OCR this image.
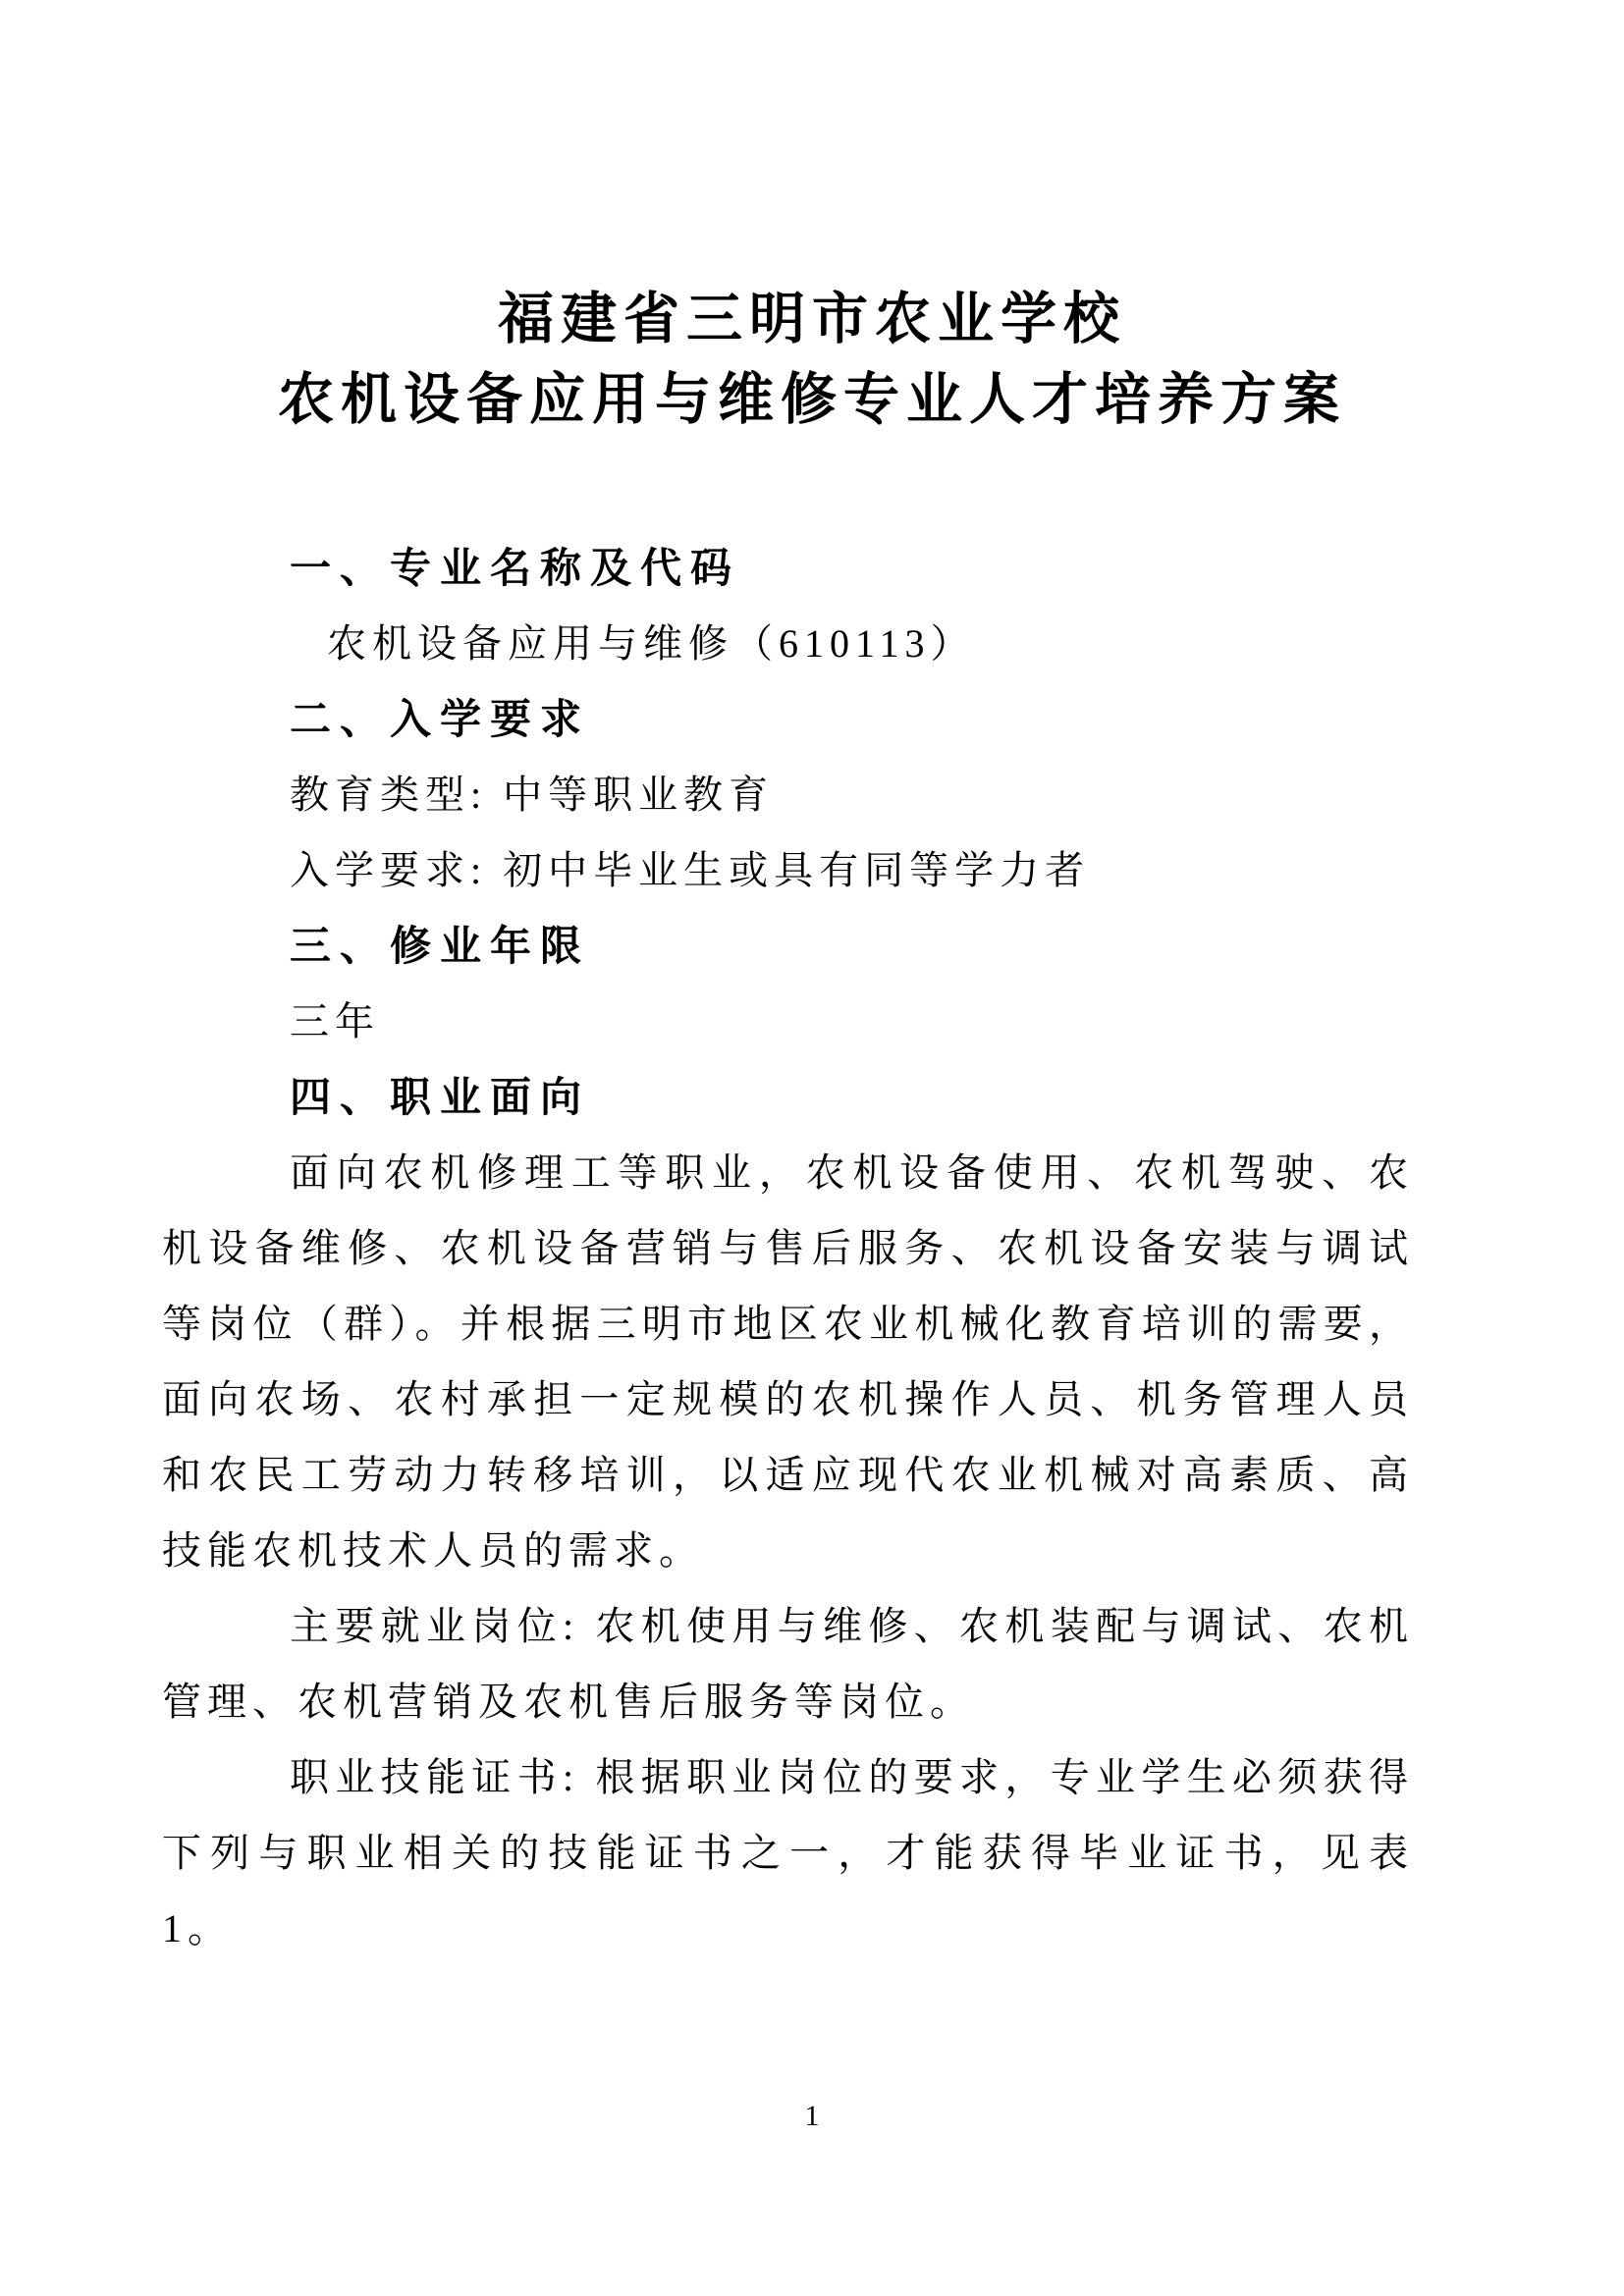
福建省三明市农业学校
农机设备应用与维修专业人才培养方案
一、专业名称及代码
农机设备应用与维修（610113）
二、入学要求
教育类型: 中等职业教育
入学要求: 初中毕业生或具有同等学力者
三、修业年限
三年
四、职业面向

面向农机修理工等职业，农机设备使用、农机驾驶、农机设备维修、农机设备营销与售后服务、农机设备安装与调试等岗位（群）。并根据三明市地区农业机械化教育培训的需要，面向农场、农村承担一定规模的农机操作人员、机务管理人员和农民工劳动力转移培训，以适应现代农业机械对高素质、高技能农机技术人员的需求。

主要就业岗位: 农机使用与维修、农机装配与调试、农机管理、农机营销及农机售后服务等岗位。

职业技能证书: 根据职业岗位的要求，专业学生必须获得下列与职业相关的技能证书之一，才能获得毕业证书，见表 1。

1
